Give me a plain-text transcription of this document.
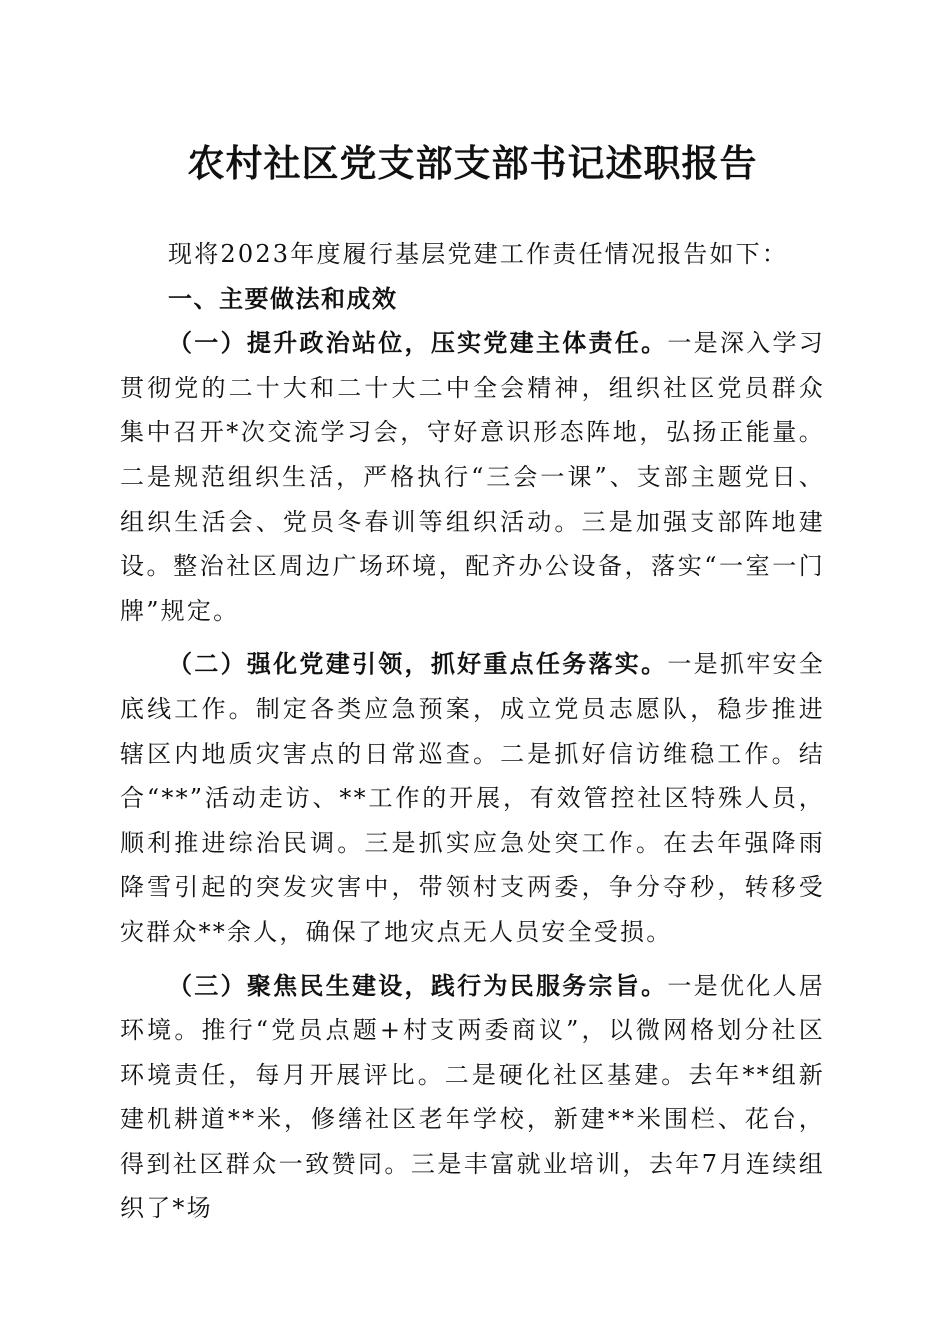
农村社区党支部支部书记述职报告

现将2023年度履行基层党建工作责任情况报告如下：

一、主要做法和成效

（一）提升政治站位，压实党建主体责任。一是深入学习贯彻党的二十大和二十大二中全会精神，组织社区党员群众集中召开*次交流学习会，守好意识形态阵地，弘扬正能量。二是规范组织生活，严格执行“三会一课”、支部主题党日、组织生活会、党员冬春训等组织活动。三是加强支部阵地建设。整治社区周边广场环境，配齐办公设备，落实“一室一门牌”规定。

（二）强化党建引领，抓好重点任务落实。一是抓牢安全底线工作。制定各类应急预案，成立党员志愿队，稳步推进辖区内地质灾害点的日常巡查。二是抓好信访维稳工作。结合“**”活动走访、**工作的开展，有效管控社区特殊人员，顺利推进综治民调。三是抓实应急处突工作。在去年强降雨降雪引起的突发灾害中，带领村支两委，争分夺秒，转移受灾群众**余人，确保了地灾点无人员安全受损。

（三）聚焦民生建设，践行为民服务宗旨。一是优化人居环境。推行“党员点题+村支两委商议”，以微网格划分社区环境责任，每月开展评比。二是硬化社区基建。去年**组新建机耕道**米，修缮社区老年学校，新建**米围栏、花台，得到社区群众一致赞同。三是丰富就业培训，去年7月连续组织了*场
